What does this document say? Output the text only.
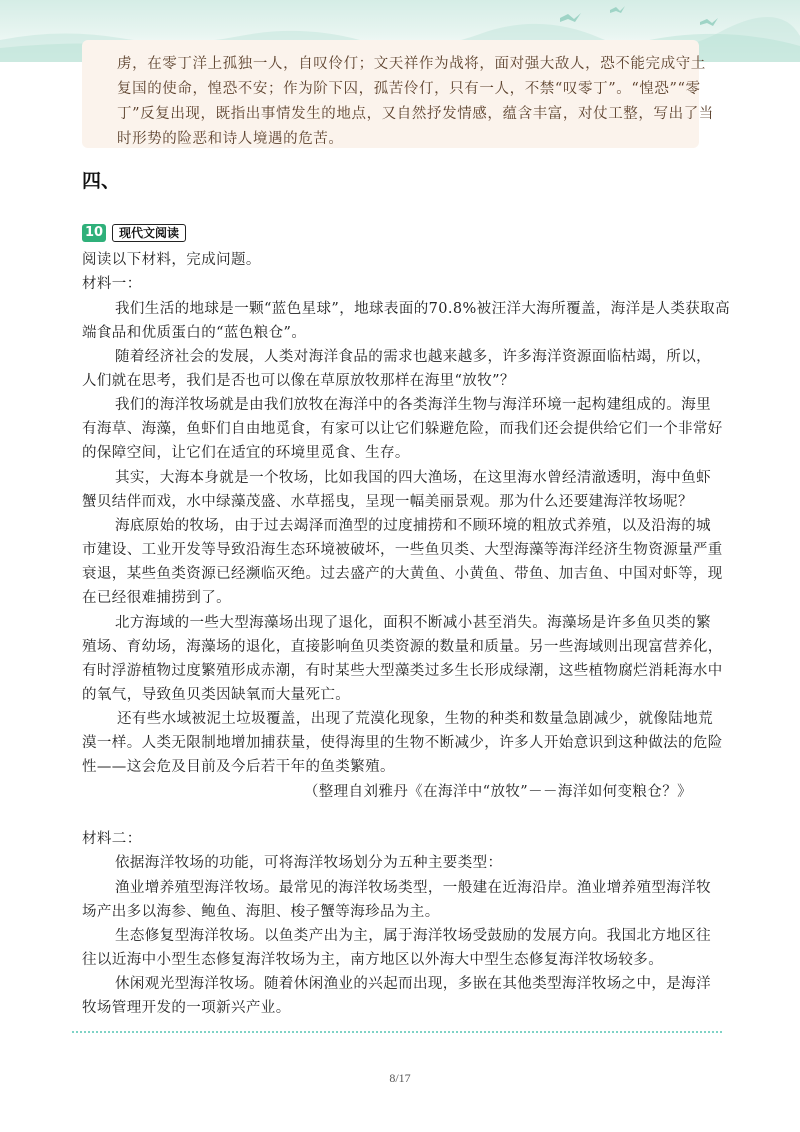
虏，在零丁洋上孤独一人，自叹伶仃；文天祥作为战将，面对强大敌人，恐不能完成守土
复国的使命，惶恐不安；作为阶下囚，孤苦伶仃，只有一人，不禁“叹零丁”。“惶恐”“零
丁”反复出现，既指出事情发生的地点，又自然抒发情感，蕴含丰富，对仗工整，写出了当
时形势的险恶和诗人境遇的危苦。
四、
10	现代文阅读
阅读以下材料，完成问题。
材料一：
我们生活的地球是一颗“蓝色星球”，地球表面的70.8%被汪洋大海所覆盖，海洋是人类获取高
端食品和优质蛋白的“蓝色粮仓”。
随着经济社会的发展，人类对海洋食品的需求也越来越多，许多海洋资源面临枯竭，所以，
人们就在思考，我们是否也可以像在草原放牧那样在海里“放牧”？
我们的海洋牧场就是由我们放牧在海洋中的各类海洋生物与海洋环境一起构建组成的。海里
有海草、海藻，鱼虾们自由地觅食，有家可以让它们躲避危险，而我们还会提供给它们一个非常好
的保障空间，让它们在适宜的环境里觅食、生存。
其实，大海本身就是一个牧场，比如我国的四大渔场，在这里海水曾经清澈透明，海中鱼虾
蟹贝结伴而戏，水中绿藻茂盛、水草摇曳，呈现一幅美丽景观。那为什么还要建海洋牧场呢？
海底原始的牧场，由于过去竭泽而渔型的过度捕捞和不顾环境的粗放式养殖，以及沿海的城
市建设、工业开发等导致沿海生态环境被破坏，一些鱼贝类、大型海藻等海洋经济生物资源量严重
衰退，某些鱼类资源已经濒临灭绝。过去盛产的大黄鱼、小黄鱼、带鱼、加吉鱼、中国对虾等，现
在已经很难捕捞到了。
北方海域的一些大型海藻场出现了退化，面积不断减小甚至消失。海藻场是许多鱼贝类的繁
殖场、育幼场，海藻场的退化，直接影响鱼贝类资源的数量和质量。另一些海域则出现富营养化，
有时浮游植物过度繁殖形成赤潮，有时某些大型藻类过多生长形成绿潮，这些植物腐烂消耗海水中
的氧气，导致鱼贝类因缺氧而大量死亡。
还有些水域被泥土垃圾覆盖，出现了荒漠化现象，生物的种类和数量急剧减少，就像陆地荒
漠一样。人类无限制地增加捕获量，使得海里的生物不断减少，许多人开始意识到这种做法的危险
性——这会危及目前及今后若干年的鱼类繁殖。
（整理自刘雅丹《在海洋中“放牧”－－海洋如何变粮仓？》
材料二：
依据海洋牧场的功能，可将海洋牧场划分为五种主要类型：
渔业增养殖型海洋牧场。最常见的海洋牧场类型，一般建在近海沿岸。渔业增养殖型海洋牧
场产出多以海参、鲍鱼、海胆、梭子蟹等海珍品为主。
生态修复型海洋牧场。以鱼类产出为主，属于海洋牧场受鼓励的发展方向。我国北方地区往
往以近海中小型生态修复海洋牧场为主，南方地区以外海大中型生态修复海洋牧场较多。
休闲观光型海洋牧场。随着休闲渔业的兴起而出现，多嵌在其他类型海洋牧场之中，是海洋
牧场管理开发的一项新兴产业。
8/17
